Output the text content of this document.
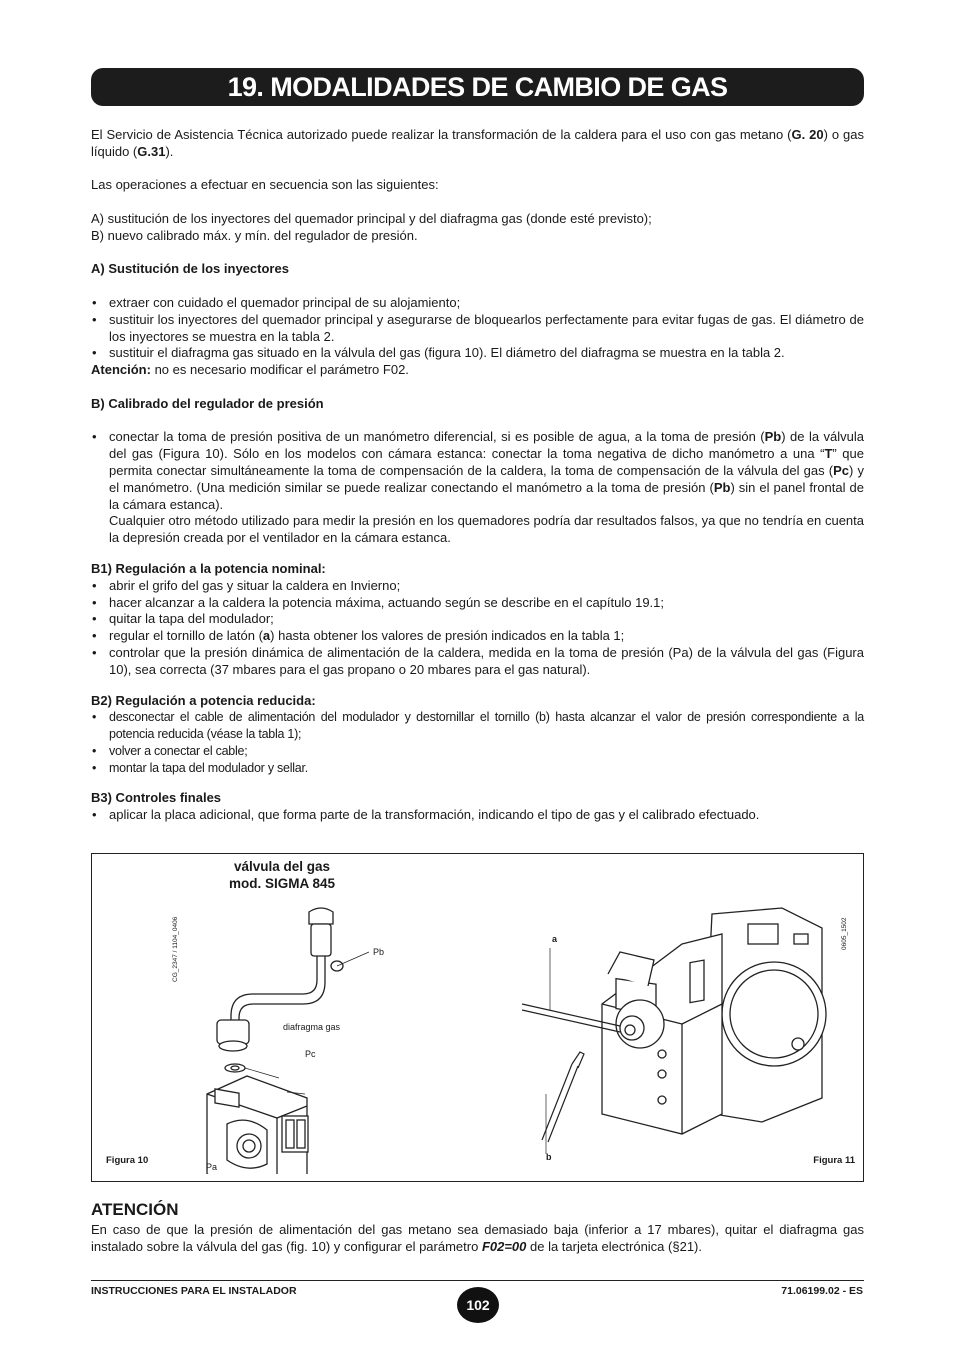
19. MODALIDADES DE CAMBIO DE GAS

El Servicio de Asistencia Técnica autorizado puede realizar la transformación de la caldera para el uso con gas metano (G. 20) o gas líquido (G.31).

Las operaciones a efectuar en secuencia son las siguientes:

A) sustitución de los inyectores del quemador principal y del diafragma gas (donde esté previsto);

B) nuevo calibrado máx. y mín. del regulador de presión.

A) Sustitución de los inyectores

• extraer con cuidado el quemador principal de su alojamiento;
• sustituir los inyectores del quemador principal y asegurarse de bloquearlos perfectamente para evitar fugas de gas. El diámetro de los inyectores se muestra en la tabla 2.
• sustituir el diafragma gas situado en la válvula del gas (figura 10). El diámetro del diafragma se muestra en la tabla 2.

Atención: no es necesario modificar el parámetro F02.

B) Calibrado del regulador de presión

• conectar la toma de presión positiva de un manómetro diferencial, si es posible de agua, a la toma de presión (Pb) de la válvula del gas (Figura 10). Sólo en los modelos con cámara estanca: conectar la toma negativa de dicho manómetro a una “T” que permita conectar simultáneamente la toma de compensación de la caldera, la toma de compensación de la válvula del gas (Pc) y el manómetro. (Una medición similar se puede realizar conectando el manómetro a la toma de presión (Pb) sin el panel frontal de la cámara estanca).
Cualquier otro método utilizado para medir la presión en los quemadores podría dar resultados falsos, ya que no tendría en cuenta la depresión creada por el ventilador en la cámara estanca.

B1) Regulación a la potencia nominal:

• abrir el grifo del gas y situar la caldera en Invierno;
• hacer alcanzar a la caldera la potencia máxima, actuando según se describe en el capítulo 19.1;
• quitar la tapa del modulador;
• regular el tornillo de latón (a) hasta obtener los valores de presión indicados en la tabla 1;
• controlar que la presión dinámica de alimentación de la caldera, medida en la toma de presión (Pa) de la válvula del gas (Figura 10), sea correcta (37 mbares para el gas propano o 20 mbares para el gas natural).

B2) Regulación a potencia reducida:

• desconectar el cable de alimentación del modulador y destornillar el tornillo (b) hasta alcanzar el valor de presión correspondiente a la potencia reducida (véase la tabla 1);
• volver a conectar el cable;
• montar la tapa del modulador y sellar.

B3) Controles finales

• aplicar la placa adicional, que forma parte de la transformación, indicando el tipo de gas y el calibrado efectuado.
válvula del gas
mod. SIGMA 845
CG_2347 / 1104_0406	0605_1502
Pb
diafragma gas
Pc
Pa
a
b
Figura 10	Figura 11
ATENCIÓN
En caso de que la presión de alimentación del gas metano sea demasiado baja (inferior a 17 mbares), quitar el diafragma gas instalado sobre la válvula del gas (fig. 10) y configurar el parámetro F02=00 de la tarjeta electrónica (§21).
INSTRUCCIONES PARA EL INSTALADOR
102
71.06199.02 - ES
